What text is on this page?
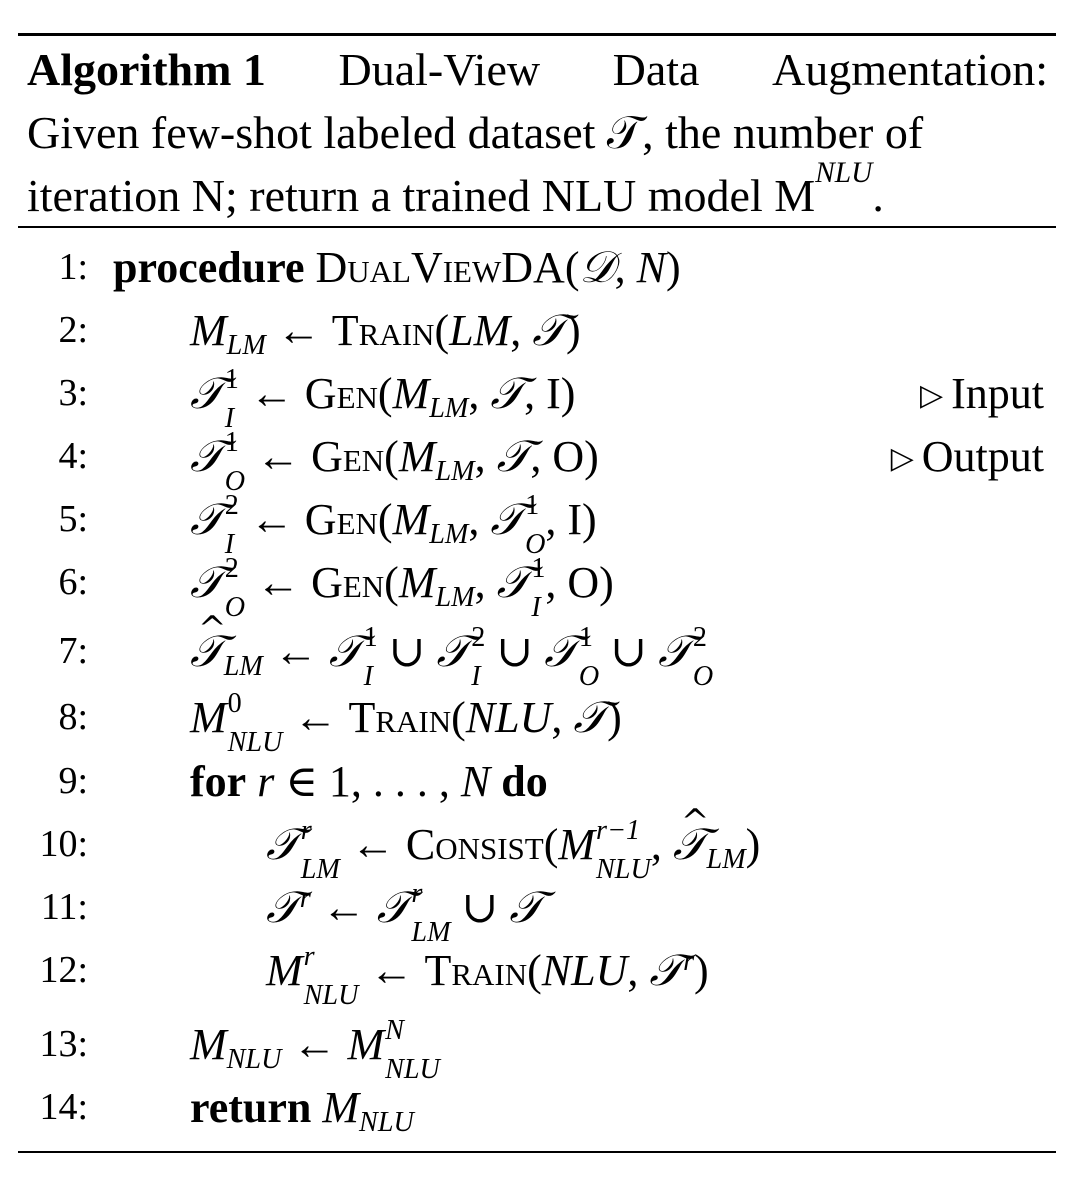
Algorithm 1 Dual-View Data Augmentation:
Given few-shot labeled dataset 𝒯, the number of
iteration N; return a trained NLU model $M_{NLU}$ .
1: procedure DualViewDA(𝒟, N)
2: $M_{LM}$ ← Train(LM, 𝒯)
3: 𝒯 1
I
← $Gen(M_{LM}$, 𝒯, I)	▷ Input
4: 𝒯 1
O
← $Gen(M_{LM}$, 𝒯, O)	▷ Output
5: 𝒯 2
I
← $Gen(M_{LM}$, 𝒯 1
O
, I)
6: 𝒯 2
O
← $Gen(M_{LM}$, 𝒯 1
I
, O)
7:
^ 𝒯$_{LM}$ ← 𝒯 1
I
∪ 𝒯 2
I
∪ 𝒯 1
O
∪ 𝒯 2
O
8: M 0
NLU
← Train(NLU, 𝒯)
9: for r ∈ 1, . . . , N do
10:	𝒯 r
LM
← Consist(M r−1
NLU
, ^ 𝒯$_{LM}$)
11:	𝒯$^r$ ← 𝒯 r
LM
∪ 𝒯
12:	M r
NLU
← Train(NLU, 𝒯$^r$)
13: $M_{NLU}$ ← M N
NLU
14: return $M_{NLU}$
